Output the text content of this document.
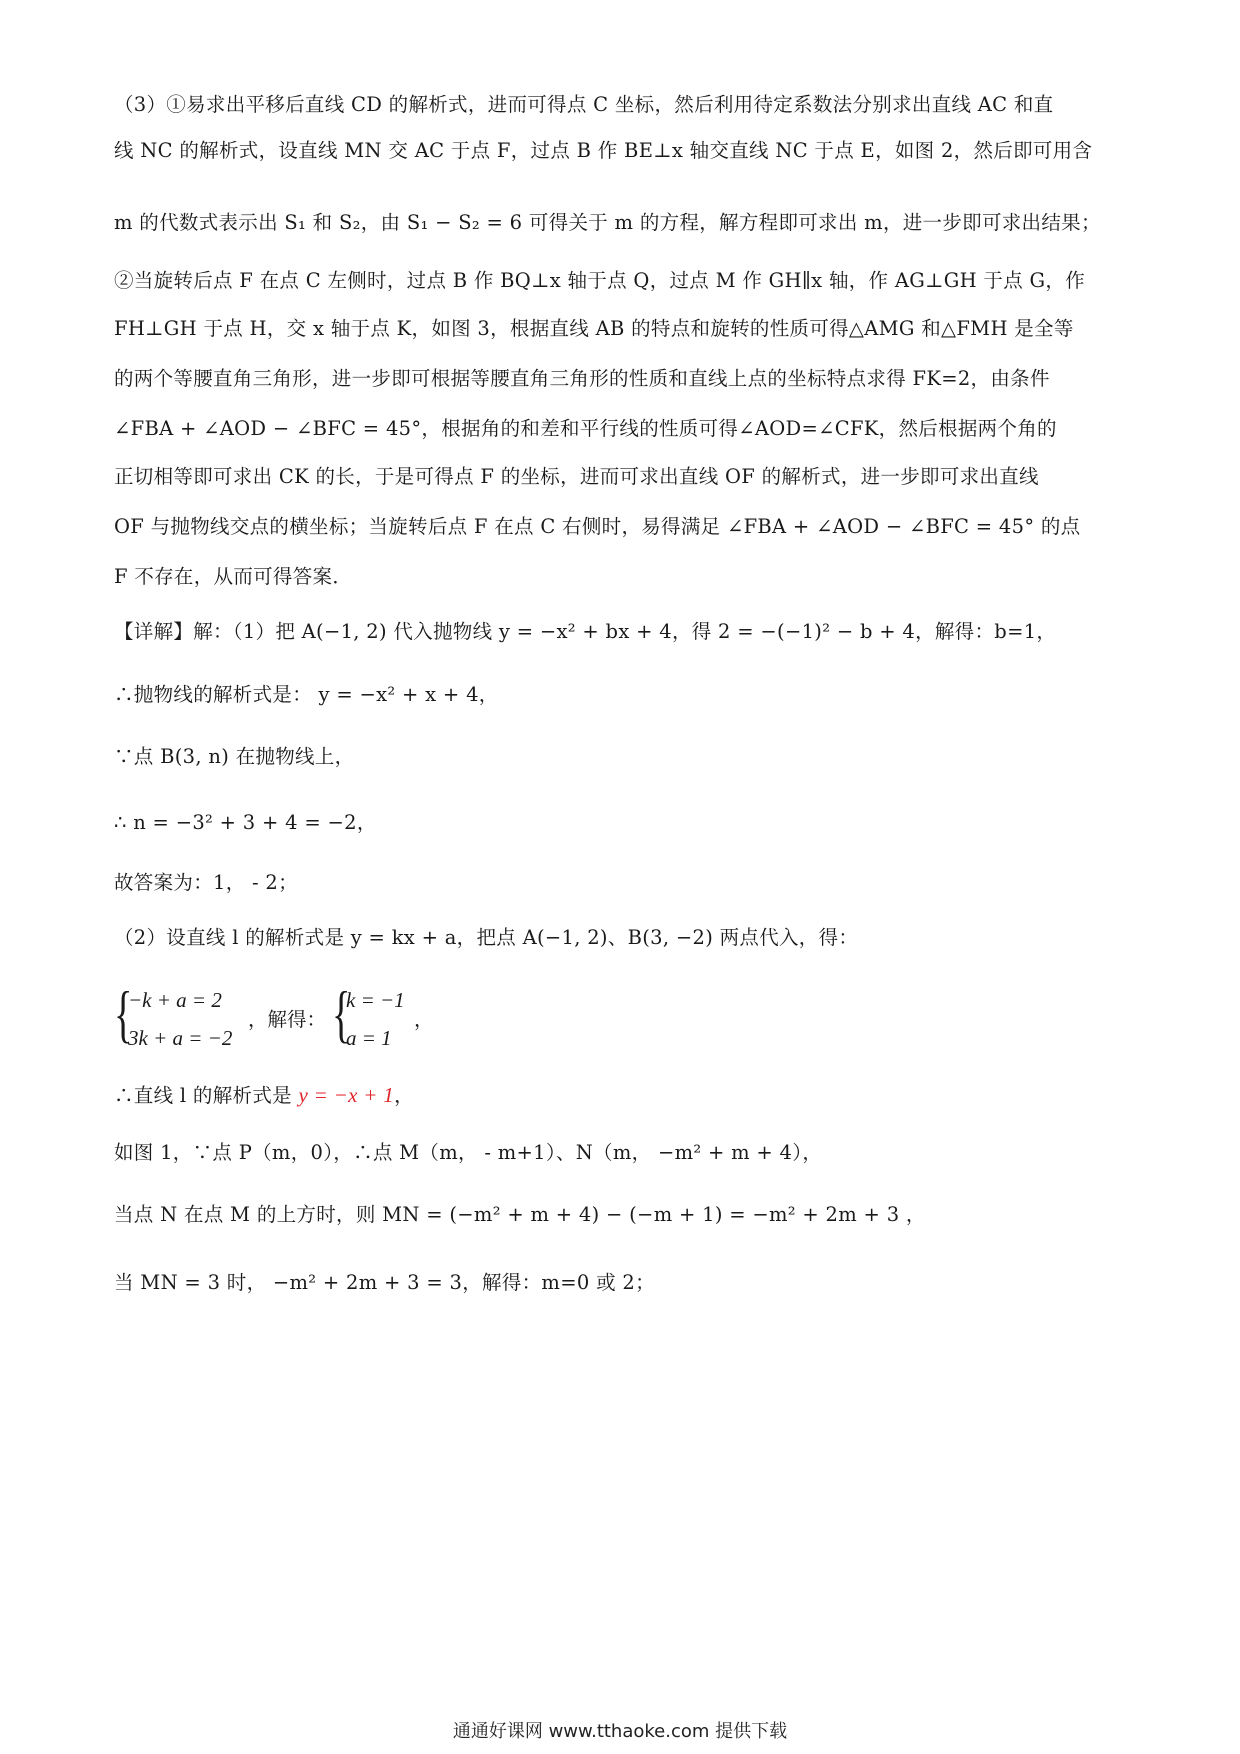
（3）①易求出平移后直线 CD 的解析式，进而可得点 C 坐标，然后利用待定系数法分别求出直线 AC 和直
线 NC 的解析式，设直线 MN 交 AC 于点 F，过点 B 作 BE⊥x 轴交直线 NC 于点 E，如图 2，然后即可用含
m 的代数式表示出 S₁ 和 S₂，由 S₁ − S₂ = 6 可得关于 m 的方程，解方程即可求出 m，进一步即可求出结果；
②当旋转后点 F 在点 C 左侧时，过点 B 作 BQ⊥x 轴于点 Q，过点 M 作 GH∥x 轴，作 AG⊥GH 于点 G，作
FH⊥GH 于点 H，交 x 轴于点 K，如图 3，根据直线 AB 的特点和旋转的性质可得△AMG 和△FMH 是全等
的两个等腰直角三角形，进一步即可根据等腰直角三角形的性质和直线上点的坐标特点求得 FK=2，由条件
∠FBA + ∠AOD − ∠BFC = 45°，根据角的和差和平行线的性质可得∠AOD=∠CFK，然后根据两个角的
正切相等即可求出 CK 的长，于是可得点 F 的坐标，进而可求出直线 OF 的解析式，进一步即可求出直线
OF 与抛物线交点的横坐标；当旋转后点 F 在点 C 右侧时，易得满足 ∠FBA + ∠AOD − ∠BFC = 45° 的点
F 不存在，从而可得答案．
【详解】解：（1）把 A(−1, 2) 代入抛物线 y = −x² + bx + 4，得 2 = −(−1)² − b + 4，解得：b=1，
∴抛物线的解析式是： y = −x² + x + 4，
∵点 B(3, n) 在抛物线上，
∴ n = −3² + 3 + 4 = −2，
故答案为：1， - 2；
（2）设直线 l 的解析式是 y = kx + a，把点 A(−1, 2)、B(3, −2) 两点代入，得：
{
−k + a = 2
3k + a = −2
，解得： {
k = −1
a = 1
，
∴直线 l 的解析式是 y = −x + 1，
如图 1，∵点 P（m，0），∴点 M（m， - m+1）、N（m， −m² + m + 4），
当点 N 在点 M 的上方时，则 MN = (−m² + m + 4) − (−m + 1) = −m² + 2m + 3 ，
当 MN = 3 时， −m² + 2m + 3 = 3，解得：m=0 或 2；
通通好课网 www.tthaoke.com 提供下载
